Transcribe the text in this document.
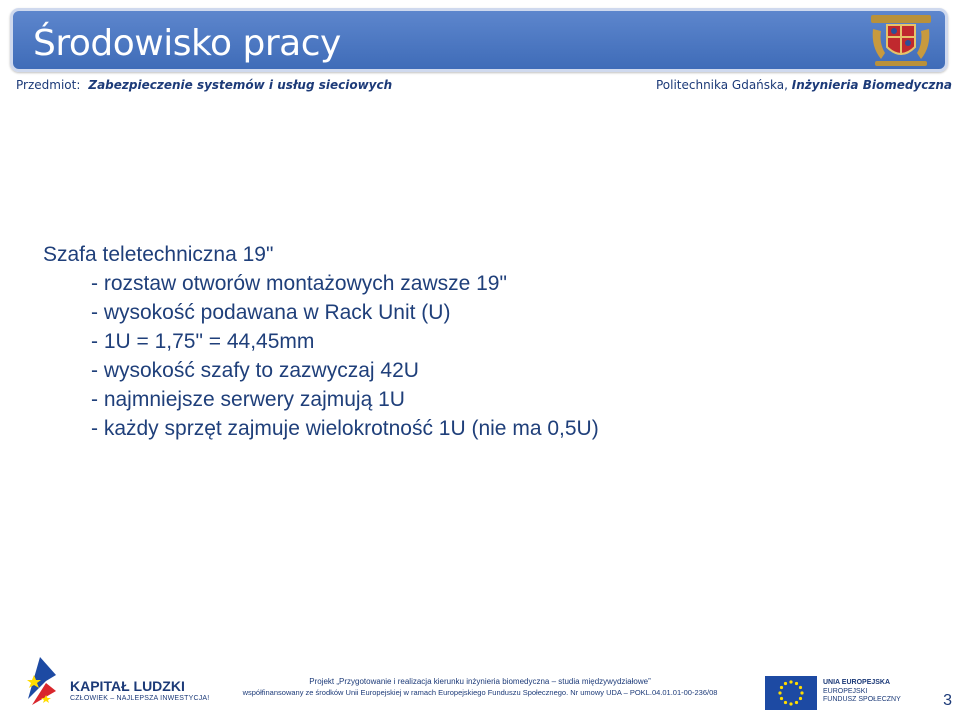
Środowisko pracy
Przedmiot: Zabezpieczenie systemów i usług sieciowych	Politechnika Gdańska, Inżynieria Biomedyczna
Szafa teletechniczna 19"
- rozstaw otworów montażowych zawsze 19"
- wysokość podawana w Rack Unit (U)
- 1U = 1,75" = 44,45mm
- wysokość szafy to zazwyczaj 42U
- najmniejsze serwery zajmują 1U
- każdy sprzęt zajmuje wielokrotność 1U (nie ma 0,5U)
KAPITAŁ LUDZKI
CZŁOWIEK – NAJLEPSZA INWESTYCJA!
Projekt „Przygotowanie i realizacja kierunku inżynieria biomedyczna – studia międzywydziałowe”
współfinansowany ze środków Unii Europejskiej w ramach Europejskiego Funduszu Społecznego. Nr umowy UDA – POKL.04.01.01-00-236/08
UNIA EUROPEJSKA
EUROPEJSKI
FUNDUSZ SPOŁECZNY	3
